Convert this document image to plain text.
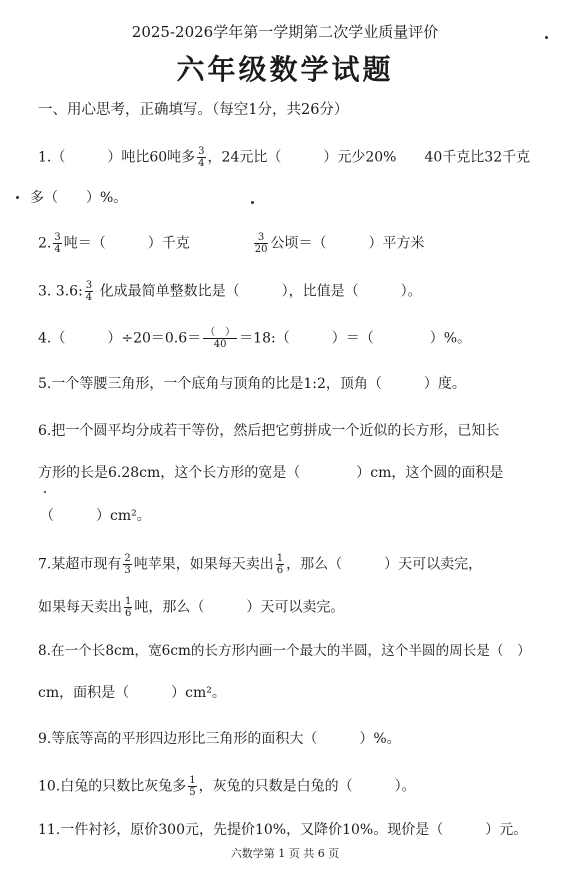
2025-2026学年第一学期第二次学业质量评价
六年级数学试题
一、用心思考，正确填写。（每空1分，共26分）
1.（　　　）吨比60吨多 $\frac{3}{4}$ ，24元比（　　　）元少20%　　40千克比32千克
多（　　）%。
2. $\frac{3}{4}$ 吨＝（　　　）千克	$\frac{3}{20}$ 公顷＝（　　　）平方米
3. 3.6: $\frac{3}{4}$ 化成最简单整数比是（　　　），比值是（　　　）。
4.（　　　）$\div 20=0.6= \frac{( )}{40}$ ＝18:（　　　）＝（　　　　）%。
5.一个等腰三角形，一个底角与顶角的比是1:2，顶角（　　　）度。
6.把一个圆平均分成若干等份，然后把它剪拼成一个近似的长方形，已知长
方形的长是6.28cm，这个长方形的宽是（　　　　）cm，这个圆的面积是
（　　　）cm²。
7.某超市现有 $\frac{2}{3}$ 吨苹果，如果每天卖出 $\frac{1}{6}$ ，那么（　　　）天可以卖完，
如果每天卖出 $\frac{1}{6}$ 吨，那么（　　　）天可以卖完。
8.在一个长8cm，宽6cm的长方形内画一个最大的半圆，这个半圆的周长是（　）
cm，面积是（　　　）cm²。
9.等底等高的平形四边形比三角形的面积大（　　　）%。
10.白兔的只数比灰兔多 $\frac{1}{5}$ ，灰兔的只数是白兔的（　　　）。
11.一件衬衫，原价300元，先提价10%，又降价10%。现价是（　　　）元。
六数学第 1 页 共 6 页
